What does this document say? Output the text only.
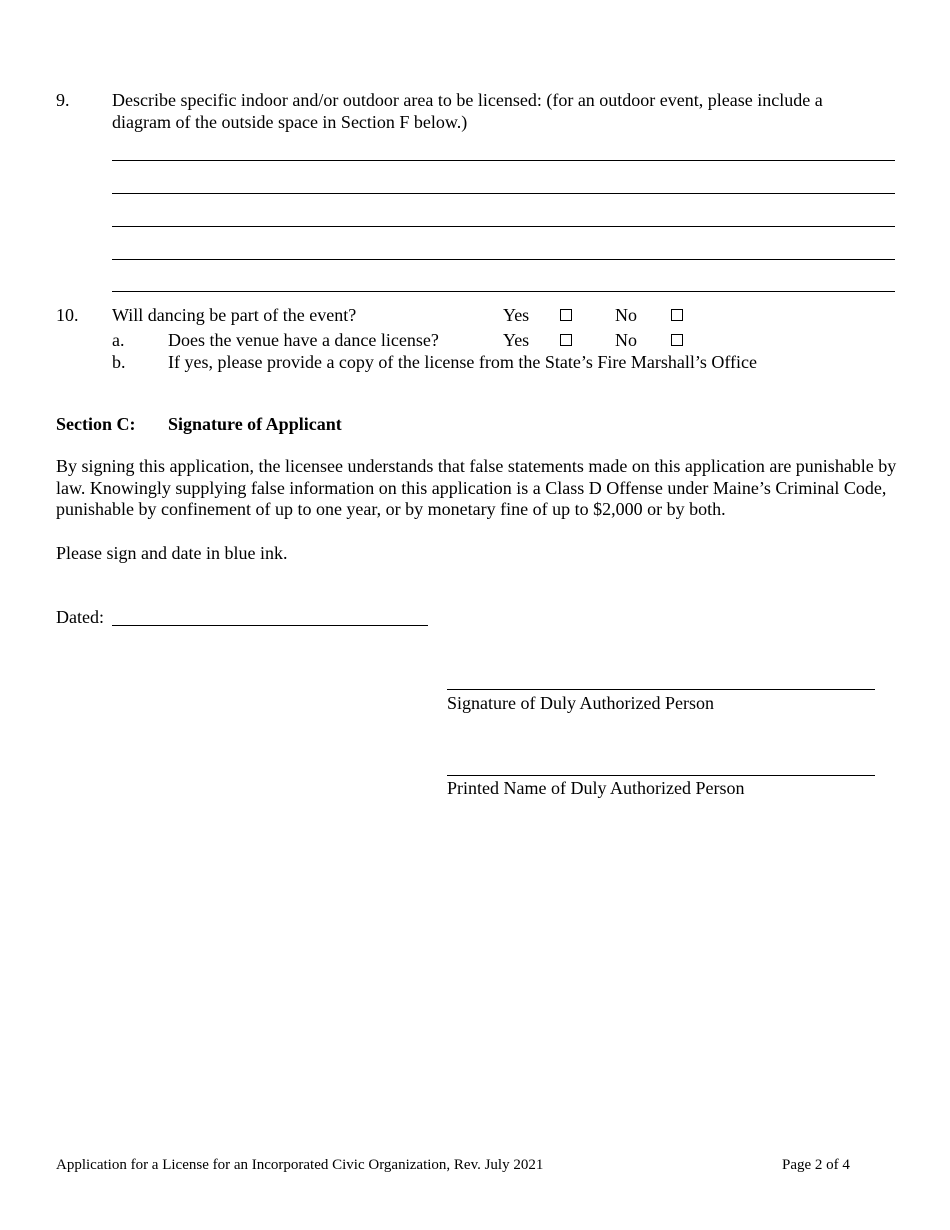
9. Describe specific indoor and/or outdoor area to be licensed: (for an outdoor event, please include a
diagram of the outside space in Section F below.)
10. Will dancing be part of the event?	Yes	No
a. Does the venue have a dance license?	Yes	No
b. If yes, please provide a copy of the license from the State’s Fire Marshall’s Office
Section C: Signature of Applicant
By signing this application, the licensee understands that false statements made on this application are punishable by law. Knowingly supplying false information on this application is a Class D Offense under Maine’s Criminal Code, punishable by confinement of up to one year, or by monetary fine of up to $2,000 or by both.
Please sign and date in blue ink.
Dated:
Signature of Duly Authorized Person
Printed Name of Duly Authorized Person
Application for a License for an Incorporated Civic Organization, Rev. July 2021	Page 2 of 4
